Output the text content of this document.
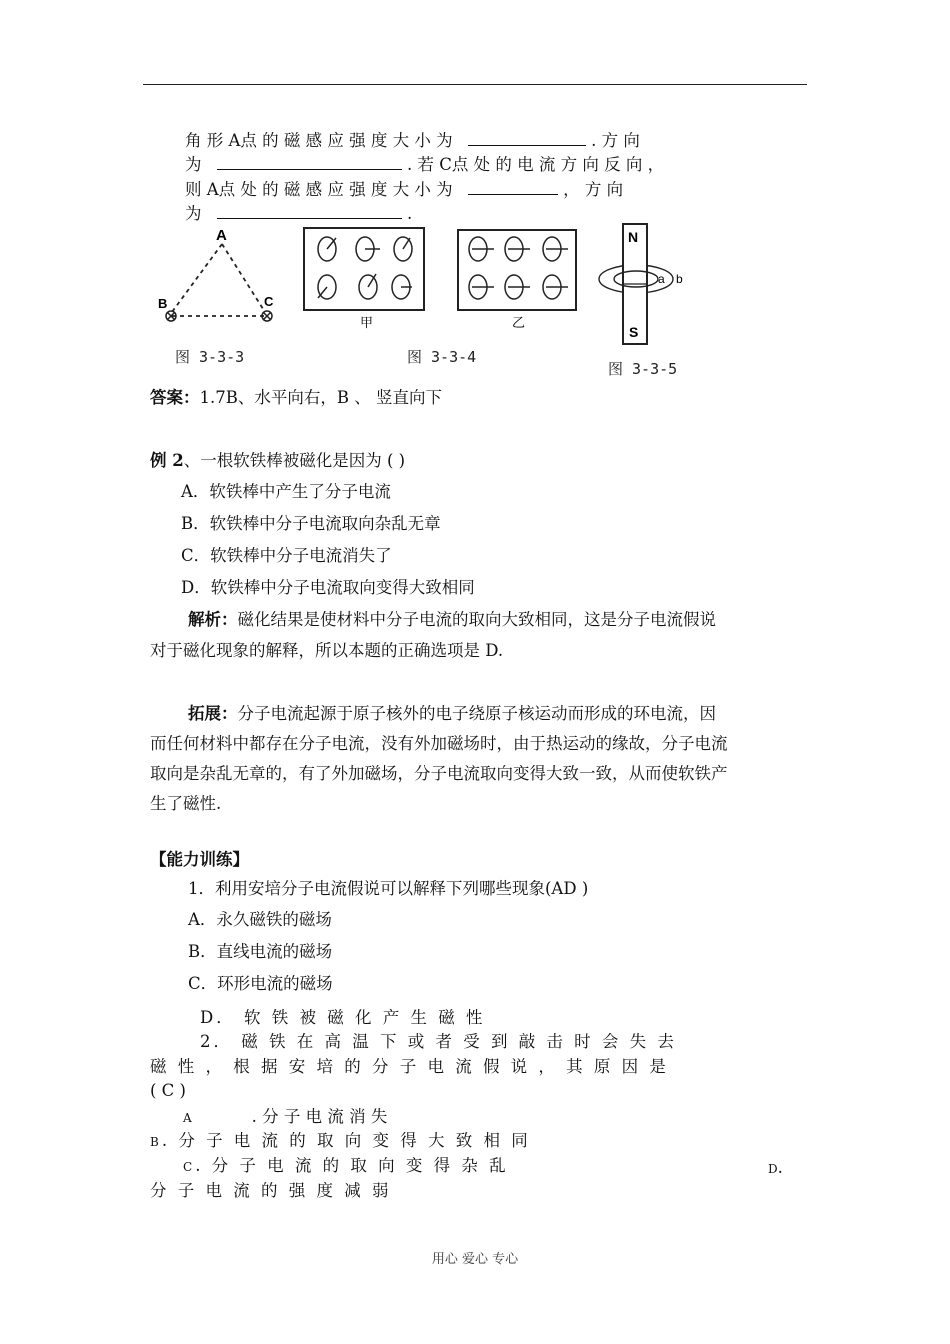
角 形 A点 的 磁 感 应 强 度 大 小 为	. 方 向
为	. 若 C点 处 的 电 流 方 向 反 向 ，
则 A点 处 的 磁 感 应 强 度 大 小 为	， 方 向
为	.
A
B	C
图 3-3-3
甲	乙
图 3-3-4
N
S
a b
图 3-3-5
答案：1.7B、水平向右，B 、 竖直向下
例 2、一根软铁棒被磁化是因为 ( )
A．软铁棒中产生了分子电流
B．软铁棒中分子电流取向杂乱无章
C．软铁棒中分子电流消失了
D．软铁棒中分子电流取向变得大致相同
解析：磁化结果是使材料中分子电流的取向大致相同，这是分子电流假说
对于磁化现象的解释，所以本题的正确选项是 D.
拓展：分子电流起源于原子核外的电子绕原子核运动而形成的环电流，因
而任何材料中都存在分子电流，没有外加磁场时，由于热运动的缘故，分子电流
取向是杂乱无章的，有了外加磁场，分子电流取向变得大致一致，从而使软铁产
生了磁性.
【能力训练】
1．利用安培分子电流假说可以解释下列哪些现象(AD )
A．永久磁铁的磁场
B．直线电流的磁场
C．环形电流的磁场
D． 软 铁 被 磁 化 产 生 磁 性
2． 磁 铁 在 高 温 下 或 者 受 到 敲 击 时 会 失 去
磁 性 ， 根 据 安 培 的 分 子 电 流 假 说 ， 其 原 因 是
( C )
A	. 分 子 电 流 消 失
B. 分 子 电 流 的 取 向 变 得 大 致 相 同
C. 分 子 电 流 的 取 向 变 得 杂 乱	D.
分 子 电 流 的 强 度 减 弱
用心 爱心 专心
